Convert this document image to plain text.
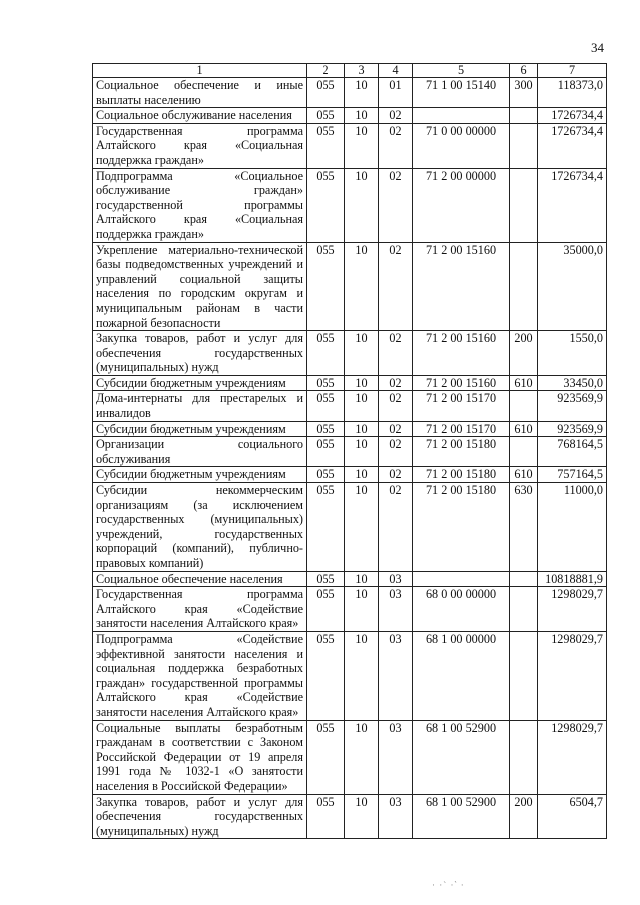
34
1	2	3	4	5	6	7
Социальное обеспечение и иные выплаты населению	055	10	01	71 1 00 15140	300	118373,0
Социальное обслуживание населения	055	10	02			1726734,4
Государственная программа Алтайского края «Социальная поддержка граждан»	055	10	02	71 0 00 00000		1726734,4
Подпрограмма «Социальное обслуживание граждан» государственной программы Алтайского края «Социальная поддержка граждан»	055	10	02	71 2 00 00000		1726734,4
Укрепление материально-технической базы подведомственных учреждений и управлений социальной защиты населения по городским округам и муниципальным районам в части пожарной безопасности	055	10	02	71 2 00 15160		35000,0
Закупка товаров, работ и услуг для обеспечения государственных (муниципальных) нужд	055	10	02	71 2 00 15160	200	1550,0
Субсидии бюджетным учреждениям	055	10	02	71 2 00 15160	610	33450,0
Дома-интернаты для престарелых и инвалидов	055	10	02	71 2 00 15170		923569,9
Субсидии бюджетным учреждениям	055	10	02	71 2 00 15170	610	923569,9
Организации социального обслуживания	055	10	02	71 2 00 15180		768164,5
Субсидии бюджетным учреждениям	055	10	02	71 2 00 15180	610	757164,5
Субсидии некоммерческим организациям (за исключением государственных (муниципальных) учреждений, государственных корпораций (компаний), публично-правовых компаний)	055	10	02	71 2 00 15180	630	11000,0
Социальное обеспечение населения	055	10	03			10818881,9
Государственная программа Алтайского края «Содействие занятости населения Алтайского края»	055	10	03	68 0 00 00000		1298029,7
Подпрограмма «Содействие эффективной занятости населения и социальная поддержка безработных граждан» государственной программы Алтайского края «Содействие занятости населения Алтайского края»	055	10	03	68 1 00 00000		1298029,7
Социальные выплаты безработным гражданам в соответствии с Законом Российской Федерации от 19 апреля 1991 года № 1032-1 «О занятости населения в Российской Федерации»	055	10	03	68 1 00 52900		1298029,7
Закупка товаров, работ и услуг для обеспечения государственных (муниципальных) нужд	055	10	03	68 1 00 52900	200	6504,7
· ·` ·‵ ·
